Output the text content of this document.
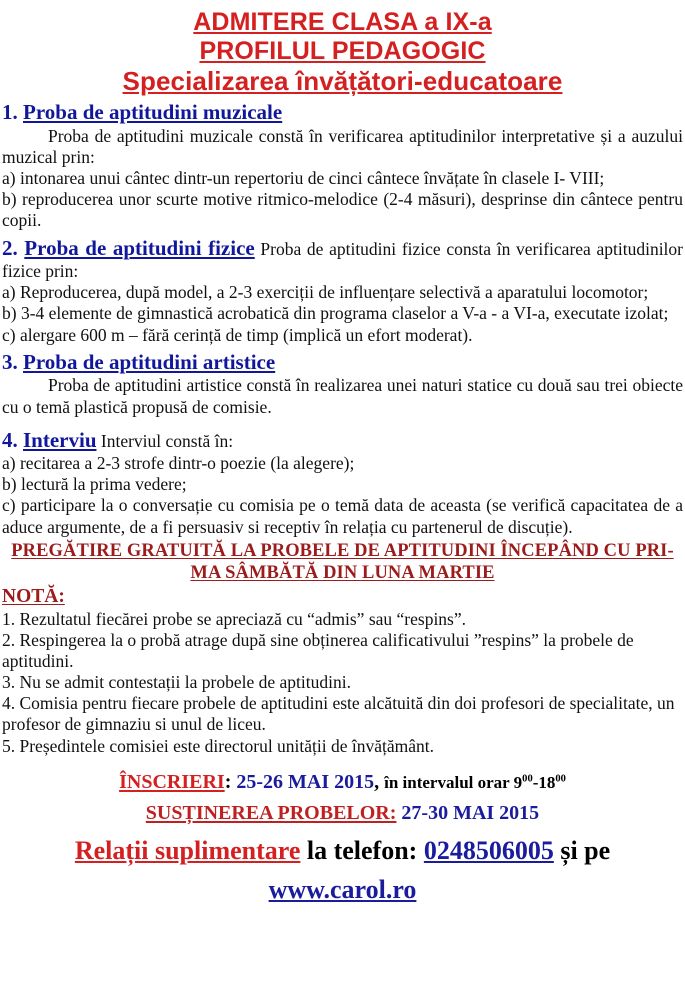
ADMITERE CLASA a IX-a
PROFILUL PEDAGOGIC
Specializarea învățători-educatoare
1. Proba de aptitudini muzicale

Proba de aptitudini muzicale constă în verificarea aptitudinilor interpretative și a auzului muzical prin:

a) intonarea unui cântec dintr-un repertoriu de cinci cântece învățate în clasele I- VIII;

b) reproducerea unor scurte motive ritmico-melodice (2-4 măsuri), desprinse din cântece pentru copii.

2. Proba de aptitudini fizice Proba de aptitudini fizice consta în verificarea aptitudinilor fizice prin:

a) Reproducerea, după model, a 2-3 exerciții de influențare selectivă a aparatului locomotor;

b) 3-4 elemente de gimnastică acrobatică din programa claselor a V-a - a VI-a, executate izolat;

c) alergare 600 m – fără cerință de timp (implică un efort moderat).

3. Proba de aptitudini artistice

Proba de aptitudini artistice constă în realizarea unei naturi statice cu două sau trei obiecte cu o temă plastică propusă de comisie.

4. Interviu Interviul constă în:

a) recitarea a 2-3 strofe dintr-o poezie (la alegere);

b) lectură la prima vedere;

c) participare la o conversație cu comisia pe o temă data de aceasta (se verifică capacitatea de a aduce argumente, de a fi persuasiv si receptiv în relația cu partenerul de discuție).

PREGĂTIRE GRATUITĂ LA PROBELE DE APTITUDINI ÎNCEPÂND CU PRI-
MA SÂMBĂTĂ DIN LUNA MARTIE
NOTĂ:

1. Rezultatul fiecărei probe se apreciază cu “admis” sau “respins”.

2. Respingerea la o probă atrage după sine obținerea calificativului ”respins” la probele de aptitudini.

3. Nu se admit contestații la probele de aptitudini.

4. Comisia pentru fiecare probele de aptitudini este alcătuită din doi profesori de specialitate, un profesor de gimnaziu si unul de liceu.

5. Președintele comisiei este directorul unității de învățământ.

ÎNSCRIERI: 25-26 MAI 2015, în intervalul orar $9^{00}-18^{00}$
SUSȚINEREA PROBELOR: 27-30 MAI 2015
Relații suplimentare la telefon: 0248506005 și pe
www.carol.ro
